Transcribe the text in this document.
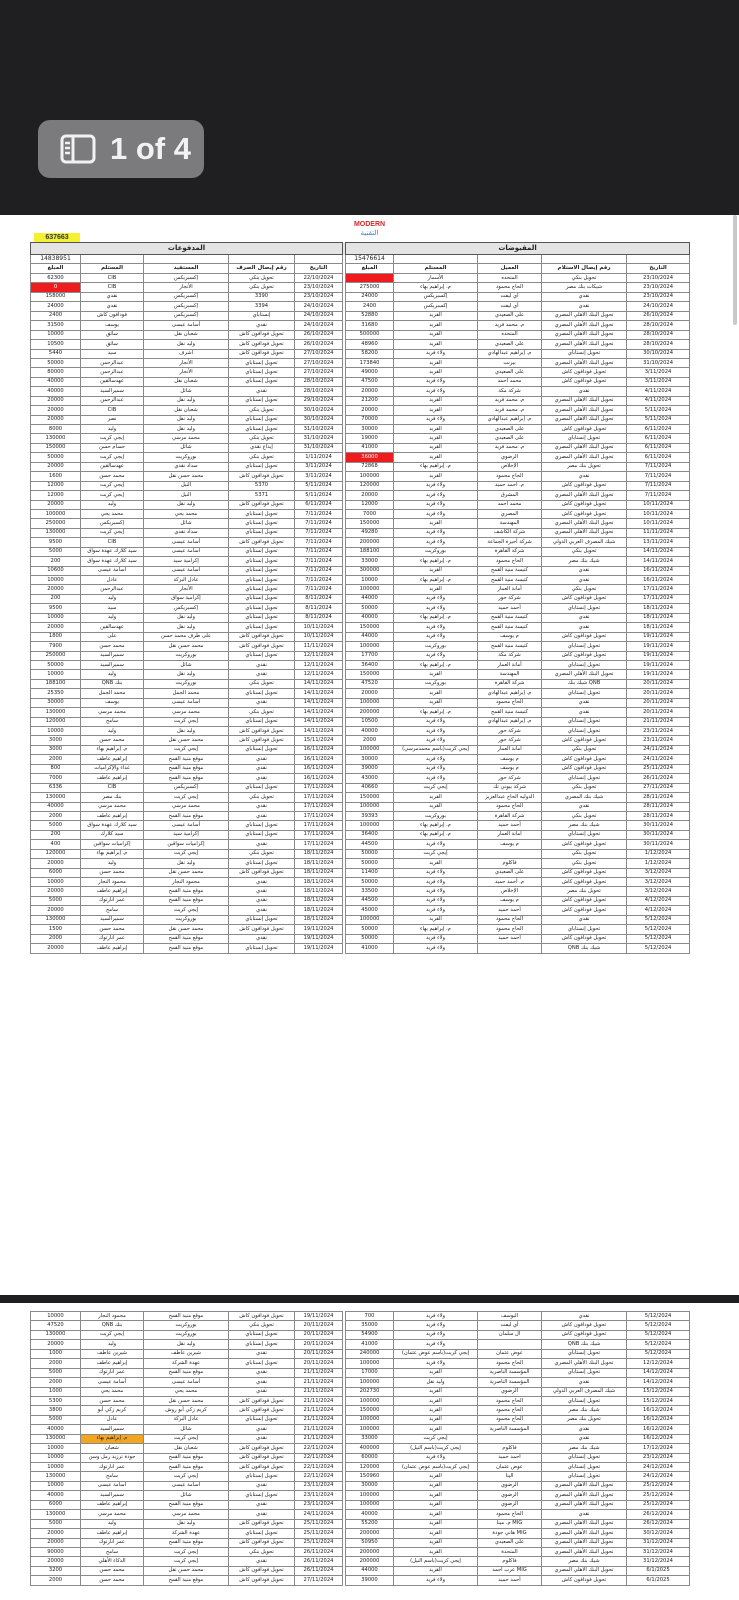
1 of 4
MODERN
التقنية
637663
المدفوعات						المقبوضات				
14838951						15476614				
المبلغ	المستلم	المستفيد	رقم إيصال الصرف	التاريخ		المبلغ	المستلم	العميل	رقم إيصال الاستلام	التاريخ
62300	CIB	إكسبريكس	تحويل بنكي	22/10/2024			الأسمار	المتحده	تحويل بنكي	23/10/2024
0	CIB	الأنجار	تحويل بنكي	23/10/2024		275000	م. إبراهيم بهاء	الحاج محمود	شيكات بنك مصر	23/10/2024
158000	نقدي	إكسبريكس	3390	23/10/2024		24000	إكسبريكس	أي ليفت	نقدي	23/10/2024
24000	نقدي	إكسبريكس	3394	24/10/2024		2400	إكسبريكس	أي ليفت	نقدي	24/10/2024
2400	فودافون كاش	إكسبريكس	إنستاباي	24/10/2024		52880	القريد	على الصعيدي	تحويل البنك الأهلي المصري	26/10/2024
31500	يوسف	أسامة عيسى	نقدي	24/10/2024		31680	القريد	م. محمد فريد	تحويل البنك الأهلي المصري	28/10/2024
10000	سائق	شعبان نقل	تحويل فودافون كاش	26/10/2024		500000	القريد	المتحده	تحويل البنك الأهلي المصري	28/10/2024
10500	سائق	وليد نقل	تحويل فودافون كاش	26/10/2024		48960	القريد	على الصعيدي	تحويل البنك الأهلي المصري	28/10/2024
5440	سيد	أشرف	تحويل فودافون كاش	27/10/2024		58200	ولاء فريد	م. إبراهيم عبدالهادي	تحويل إنستاباي	30/10/2024
50000	عبدالرحمن	الأنجار	تحويل إنستاباي	27/10/2024		173840	القريد	بيرنت	تحويل البنك الأهلي المصري	31/10/2024
80000	عبدالرحمن	الأنجار	تحويل إنستاباي	27/10/2024		49000	القريد	على الصعيدي	تحويل فودافون كاش	3/11/2024
40000	عهدسالقين	شعبان نقل	تحويل إنستاباي	28/10/2024		47500	ولاء فريد	محمد أحمد	تحويل فودافون كاش	3/11/2024
40000	سميرالسيد	شائل	نقدي	28/10/2024		20000	ولاء فريد	شركة مكة	نقدي	4/11/2024
20000	عبدالرحمن	وليد نقل	تحويل إنستاباي	29/10/2024		21200	القريد	م. محمد فريد	تحويل البنك الأهلي المصري	4/11/2024
20000	CIB	شعبان نقل	تحويل بنكي	30/10/2024		20000	القريد	م. محمد فريد	تحويل البنك الأهلي المصري	5/11/2024
20000	نصر	وليد نقل	تحويل إنستاباي	30/10/2024		70000	ولاء فريد	م. إبراهيم عبدالهادي	تحويل البنك الأهلي المصري	5/11/2024
8000	وليد	وليد نقل	تحويل إنستاباي	31/10/2024		30000	القريد	على الصعيدي	تحويل فودافون كاش	6/11/2024
130000	إيجي كريت	محمد مرسي	تحويل بنكي	31/10/2024		19000	القريد	على الصعيدي	تحويل إنستاباي	6/11/2024
150000	حسام حسن	شائل	إيداع نقدي	31/10/2024		41000	القريد	م. محمد فريد	تحويل البنك الأهلي المصري	6/11/2024
50000	إيجي كريت	بوروكريت	تحويل بنكي	1/11/2024		36000	القريد	الرضوي	تحويل البنك الأهلي المصري	6/11/2024
20000	عهدسالقين	سداد نقدي	تحويل إنستاباي	3/11/2024		72868	م. إبراهيم بهاء	الإخلاص	تحويل بنك مصر	7/11/2024
1600	محمد حسن	محمد حسن نقل	تحويل فودافون كاش	3/11/2024		100000	القريد	الحاج محمود	نقدي	7/11/2024
12000	إيجي كريت	النيل	5370	5/11/2024		120000	ولاء فريد	م. أحمد حميد	تحويل فودافون كاش	7/11/2024
12000	إيجي كريت	النيل	5371	5/11/2024		20000	ولاء فريد	المشرق	تحويل البنك الأهلي المصري	7/11/2024
20000	وليد	وليد نقل	تحويل فودافون كاش	6/11/2024		12000	ولاء فريد	محمد أحمد	تحويل فودافون كاش	10/11/2024
100000	محمد يحي	محمد يحي	تحويل إنستاباي	7/11/2024		7000	ولاء فريد	المصري	تحويل فودافون كاش	10/11/2024
250000	إكسبريكس	شائل	تحويل إنستاباي	7/11/2024		150000	القريد	المهندسة	تحويل البنك الأهلي المصري	10/11/2024
130000	إيجي كريت	سداد نقدي	تحويل إنستاباي	7/11/2024		49280	ولاء فريد	شركة الكاشف	تحويل البنك الأهلي المصري	11/11/2024
9500	CIB	أسامة عيسى	تحويل فودافون كاش	7/11/2024		200000	ولاء فريد	شركة أحيزة الجماعة	شيك المصرف العربي الدولي	13/11/2024
5000	سيد كلارك عهدة سواق	أسامة عيسى	تحويل إنستاباي	7/11/2024		188100	بوروكريت	شركة القاهرة	تحويل بنكي	14/11/2024
200	سيد كلارك عهدة سواق	إكرامية سيد	تحويل إنستاباي	7/11/2024		33000	م. إبراهيم بهاء	الحاج محمود	شيك بنك مصر	14/11/2024
10600	أسامة عيسى	أسامة عيسى	تحويل إنستاباي	7/11/2024		300000	القريد	كنيسة منية القمح	نقدي	16/11/2024
10000	عادل	عادل البركة	تحويل إنستاباي	7/11/2024		10000	م. إبراهيم بهاء	كنيسة منية القمح	نقدي	16/11/2024
20000	عبدالرحمن	الأنجار	تحويل إنستاباي	7/11/2024		100000	القريد	أمانة العمار	تحويل بنكي	17/11/2024
200	وليد	إكرامية سواق	تحويل إنستاباي	8/11/2024		44000	ولاء فريد	شركة حور	تحويل فودافون كاش	17/11/2024
9500	سيد	إكسبريكس	تحويل إنستاباي	8/11/2024		50000	ولاء فريد	أحمد حميد	تحويل إنستاباي	18/11/2024
10000	وليد	وليد نقل	تحويل إنستاباي	8/11/2024		40000	م. إبراهيم بهاء	كنيسة منية القمح	نقدي	18/11/2024
20000	عهدسالقين	وليد نقل	تحويل إنستاباي	10/11/2024		150000	ولاء فريد	كنيسة منية القمح	نقدي	18/11/2024
1800	على	على طرف محمد حسن	تحويل فودافون كاش	10/11/2024		44000	ولاء فريد	م يوسف	تحويل فودافون كاش	19/11/2024
7900	محمد حسن	محمد حسن نقل	تحويل فودافون كاش	11/11/2024		100000	بوروكريت	كنيسة منية القمح	تحويل إنستاباي	19/11/2024
250000	سميرالسيد	بوروكريت	تحويل إنستاباي	12/11/2024		17700	ولاء فريد	شركة مكة	تحويل فودافون كاش	19/11/2024
50000	سميرالسيد	شائل	نقدي	12/11/2024		36400	م. إبراهيم بهاء	أمانة العمار	تحويل إنستاباي	19/11/2024
10000	وليد	وليد نقل	نقدي	12/11/2024		150000	القريد	المهندسة	تحويل البنك الأهلي المصري	19/11/2024
188100	QNB بنك	بوروكريت	تحويل بنكي	14/11/2024		47520	بوروكريت	شركة القاهرة	شيك بنك QNB	20/11/2024
25350	محمد الجمل	محمد الجمل	تحويل إنستاباي	14/11/2024		20000	القريد	م. إبراهيم عبدالهادي	تحويل إنستاباي	20/11/2024
30000	يوسف	أسامة عيسى	نقدي	14/11/2024		100000	القريد	الحاج محمود	نقدي	20/11/2024
130000	محمد مرسي	محمد مرسي	تحويل بنكي	14/11/2024		200000	م. إبراهيم بهاء	كنيسة منية القمح	نقدي	20/11/2024
120000	سامح	إيجي كريت	تحويل إنستاباي	14/11/2024		10500	ولاء فريد	م. إبراهيم عبدالهادي	تحويل إنستاباي	21/11/2024
10000	وليد	وليد نقل	تحويل فودافون كاش	14/11/2024		40000	ولاء فريد	شركة حور	تحويل إنستاباي	23/11/2024
3000	محمد حسن	محمد حسن نقل	تحويل فودافون كاش	15/11/2024		2000	ولاء فريد	شركة حور	تحويل فودافون كاش	23/11/2024
3000	م. إبراهيم بهاء	إيجي كريت	تحويل إنستاباي	16/11/2024		100000	إيجي كريت(باسم محمدمرسي)	أمانة العمار	تحويل بنكي	24/11/2024
2000	إبراهيم عاطف	موقع منية القمح	نقدي	16/11/2024		30000	ولاء فريد	م يوسف	تحويل فودافون كاش	24/11/2024
800	غذاء والإكراميات	موقع منية القمح	نقدي	16/11/2024		39000	ولاء فريد	م يوسف	تحويل فودافون كاش	25/11/2024
7000	إبراهيم عاطف	موقع منية القمح	نقدي	16/11/2024		43000	ولاء فريد	شركة حور	تحويل إنستاباي	26/11/2024
6336	CIB	إكسبريكس	تحويل إنستاباي	17/11/2024		40660	إيجي كريت	شركة بيوني تك	تحويل بنكي	27/11/2024
130000	بنك مصر	إيجي كريت	تحويل بنكي	17/11/2024		150000	القريد	الدوليه الحاج عبدالعزيز	شيك بنك المصري	28/11/2024
40000	محمد مرسي	محمد مرسي	نقدي	17/11/2024		100000	القريد	الحاج محمود	نقدي	28/11/2024
2000	إبراهيم عاطف	موقع منية القمح	نقدي	17/11/2024		39393	بوروكريت	شركة القاهرة	تحويل بنكي	28/11/2024
5000	سيد كلارك عهدة سواق	أسامة عيسى	تحويل إنستاباي	17/11/2024		100000	م. إبراهيم بهاء	أحمد حميد	شيك بنك مصر	30/11/2024
200	سيد كلارك	إكرامية سيد	تحويل إنستاباي	17/11/2024		36400	م. إبراهيم بهاء	أمانة العمار	تحويل إنستاباي	30/11/2024
400	إكراميات سواقين	إكراميات سواقين	نقدي	17/11/2024		44500	ولاء فريد	م يوسف	تحويل فودافون كاش	30/11/2024
120000	م. إبراهيم بهاء	إيجي كريت	تحويل بنكي	18/11/2024		50000	إيجي كريت		تحويل بنكي	1/12/2024
20000	وليد	وليد نقل	تحويل إنستاباي	18/11/2024		50000	القريد	فاكلوم	تحويل بنكي	1/12/2024
6000	محمد حسن	محمد حسن نقل	تحويل فودافون كاش	18/11/2024		11400	ولاء فريد	على الصعيدي	تحويل فودافون كاش	3/12/2024
10000	محمود النجار	محمود النجار	نقدي	18/11/2024		50000	ولاء فريد	م. أحمد حميد	تحويل فودافون كاش	3/12/2024
20000	إبراهيم عاطف	موقع منية القمح	نقدي	18/11/2024		33500	ولاء فريد	الإخلاص	تحويل بنك مصر	3/12/2024
5000	عمر انارتوك	موقع منية القمح	نقدي	18/11/2024		44500	ولاء فريد	م يوسف	تحويل فودافون كاش	4/12/2024
20000	سامح	إيجي كريت	نقدي	18/11/2024		45000	ولاء فريد	أحمد حميد	تحويل فودافون كاش	4/12/2024
130000	سميرالسيد	بوروكريت	تحويل إنستاباي	18/11/2024		100000	القريد	الحاج محمود	نقدي	5/12/2024
1500	محمد حسن	محمد حسن نقل	تحويل فودافون كاش	19/11/2024		50000	م. إبراهيم بهاء	الحاج محمود	تحويل إنستاباي	5/12/2024
2000	عمر انارتوك	موقع منية القمح	نقدي	19/11/2024		50000	ولاء فريد	أحمد حميد	تحويل فودافون كاش	5/12/2024
20000	إبراهيم عاطف	موقع منية القمح	تحويل إنستاباي	19/11/2024		41000	ولاء فريد		QNB شيك بنك	5/12/2024
10000	محمود النجار	موقع منية القمح	تحويل فودافون كاش	19/11/2024		700	ولاء فريد	اليوسف	نقدي	5/12/2024
47520	QNB بنك	بوروكريت	تحويل بنكي	20/11/2024		35000	ولاء فريد	أي ليفت	تحويل فودافون كاش	5/12/2024
130000	إيجي كريت	بوروكريت	تحويل إنستاباي	20/11/2024		54900	ولاء فريد	آل سلمان	تحويل فودافون كاش	5/12/2024
20000	وليد	وليد نقل	تحويل إنستاباي	20/11/2024		41000	ولاء فريد		QNB شيك بنك	5/12/2024
1000	شيرين عاطف	شيرين عاطف	نقدي	20/11/2024		240000	إيجي كريت(باسم عوض عثمان)	عوض عثمان	تحويل إنستاباي	5/12/2024
2000	إبراهيم عاطف	عهدة الشركة	تحويل إنستاباي	20/11/2024		100000	ولاء فريد	الحاج محمود	تحويل البنك الأهلي المصري	12/12/2024
5000	عمر انارتوك	موقع منية القمح	نقدي	21/11/2024		17000	القريد	المؤسسة الناصرية	تحويل إنستاباي	14/12/2024
2000	أسامة عيسى	أسامة عيسى	نقدي	21/11/2024		100000	وليد نقل	المؤسسة الناصرية	نقدي	14/12/2024
1000	محمد يحي	محمد يحي	نقدي	21/11/2024		202730	القريد	الرضوي	شيك المصرف العربي الدولي	15/12/2024
5300	محمد حسن	محمد حسن نقل	تحويل فودافون كاش	21/11/2024		100000	القريد	الحاج محمود	تحويل إنستاباي	15/12/2024
3800	كريم زكي أبو	كريم زكي أبو روش	تحويل فودافون كاش	21/11/2024		150000	القريد	الحاج محمود	شيك بنك مصر	16/12/2024
5000	عادل	عادل البركة	تحويل إنستاباي	21/11/2024		100000	القريد	الحاج محمود	تحويل بنك مصر	16/12/2024
40000	سميرالسيد	شائل	نقدي	21/11/2024		100000	القريد	المؤسسة الناصرية	نقدي	16/12/2024
130000	م. إبراهيم بهاء	إيجي كريت	نقدي	21/11/2024		33000	إيجي كريت		نقدي	16/12/2024
10000	شعبان	شعبان نقل	تحويل فودافون كاش	22/11/2024		400000	إيجي كريت(باسم النيل)	فاكلوم	شيك بنك مصر	17/12/2024
10000	جودة ترزيد رمل وسن	موقع منية القمح	تحويل فودافون كاش	22/11/2024		60000	ولاء فريد	أحمد حميد	تحويل إنستاباي	23/12/2024
10000	عمر انارتوك	موقع منية القمح	تحويل فودافون كاش	22/11/2024		120000	إيجي كريت(باسم عوض عثمان)	عوض عثمان	تحويل إنستاباي	24/12/2024
130000	سامح	إيجي كريت	تحويل إنستاباي	22/11/2024		150960	القريد	الينا	تحويل إنستاباي	24/12/2024
10000	أسامة عيسى	أسامة عيسى	نقدي	23/11/2024		30000	القريد	الرضوي	تحويل البنك الأهلي المصري	25/12/2024
40000	سميرالسيد	شائل	تحويل إنستاباي	23/11/2024		100000	القريد	الرضوي	تحويل البنك الأهلي المصري	25/12/2024
6000	إبراهيم عاطف	موقع منية القمح	نقدي	23/11/2024		100000	القريد	الرضوي	تحويل البنك الأهلي المصري	25/12/2024
130000	محمد مرسي	محمد مرسي	نقدي	24/11/2024		40000	القريد	الحاج محمود	نقدي	26/12/2024
5000	وليد	وليد نقل	تحويل فودافون كاش	25/11/2024		55200	القريد	م. مينا MIG	تحويل البنك الأهلي المصري	26/12/2024
20000	إبراهيم عاطف	عهدة الشركة	تحويل إنستاباي	25/11/2024		200000	القريد	هاني جودة MIG	تحويل البنك الأهلي المصري	30/12/2024
20000	عمر انارتوك	موقع منية القمح	تحويل فودافون كاش	25/11/2024		50950	القريد	على الصعيدي	تحويل البنك الأهلي المصري	31/12/2024
90000	سامح	إيجي كريت	تحويل بنكي	26/11/2024		200000	القريد	المتحدة	تحويل البنك الأهلي المصري	31/12/2024
20000	الذكاء الأهلي	إيجي كريت	نقدي	26/11/2024		200000	إيجي كريت(باسم النيل)	فاكلوم	شيك بنك مصر	31/12/2024
3200	محمد حسن	محمد حسن نقل	تحويل فودافون كاش	26/11/2024		44000	القريد	عرب أحمد MIG	تحويل البنك الأهلي المصري	6/1/2025
2000	محمد حسن	موقع منية القمح	تحويل فودافون كاش	27/11/2024		39000	ولاء فريد	أحمد حميد	تحويل فودافون كاش	6/1/2025
